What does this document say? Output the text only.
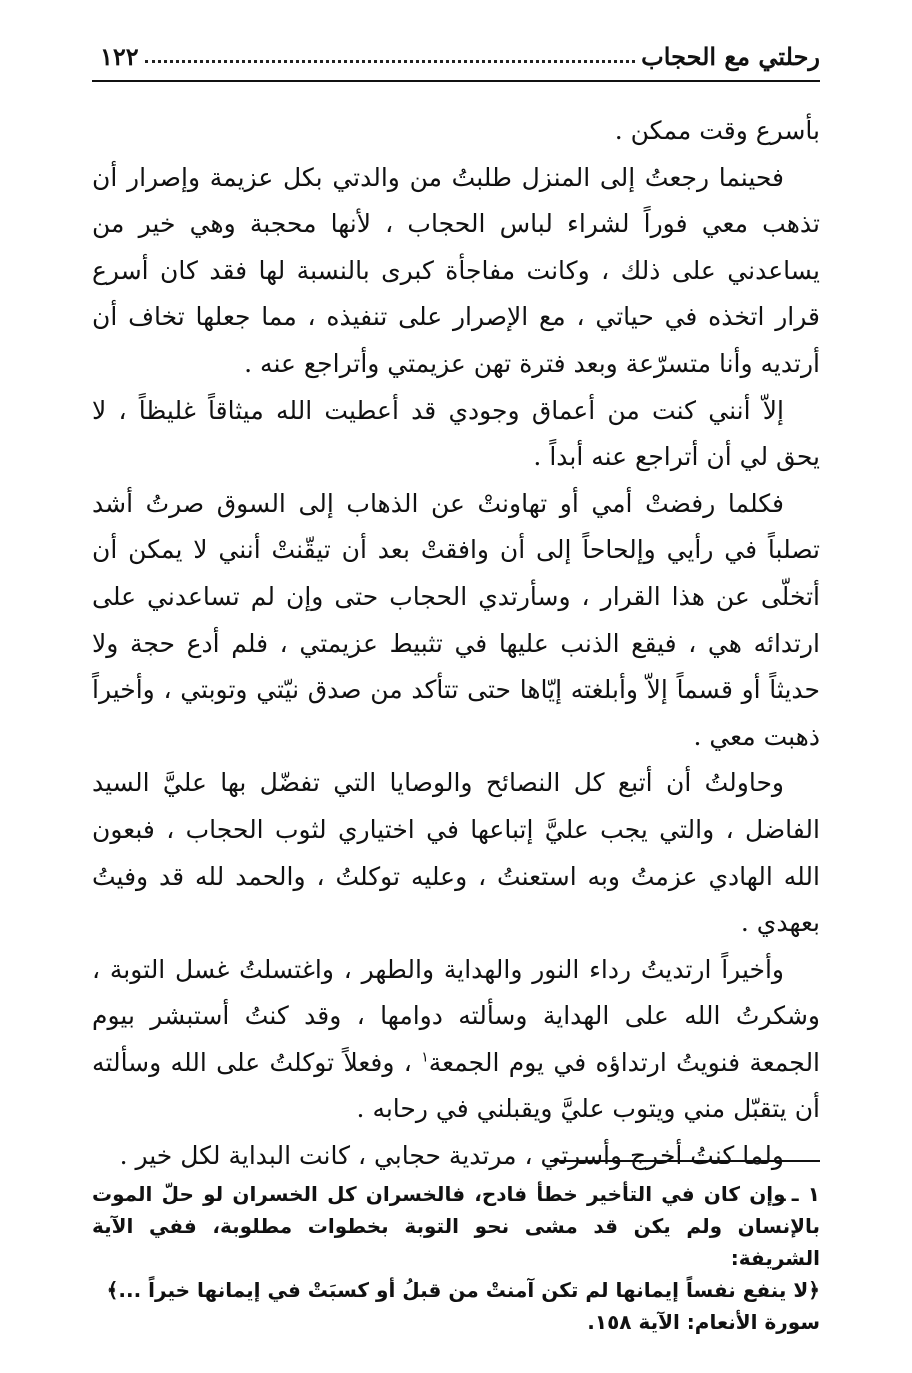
رحلتي مع الحجاب
١٢٢

بأسرع وقت ممكن .

فحينما رجعتُ إلى المنزل طلبتُ من والدتي بكل عزيمة وإصرار أن تذهب معي فوراً لشراء لباس الحجاب ، لأنها محجبة وهي خير من يساعدني على ذلك ، وكانت مفاجأة كبرى بالنسبة لها فقد كان أسرع قرار اتخذه في حياتي ، مع الإصرار على تنفيذه ، مما جعلها تخاف أن أرتديه وأنا متسرّعة وبعد فترة تهن عزيمتي وأتراجع عنه .

إلاّ أنني كنت من أعماق وجودي قد أعطيت الله ميثاقاً غليظاً ، لا يحق لي أن أتراجع عنه أبداً .

فكلما رفضتْ أمي أو تهاونتْ عن الذهاب إلى السوق صرتُ أشد تصلباً في رأيي وإلحاحاً إلى أن وافقتْ بعد أن تيقّنتْ أنني لا يمكن أن أتخلّى عن هذا القرار ، وسأرتدي الحجاب حتى وإن لم تساعدني على ارتدائه هي ، فيقع الذنب عليها في تثبيط عزيمتي ، فلم أدع حجة ولا حديثاً أو قسماً إلاّ وأبلغته إيّاها حتى تتأكد من صدق نيّتي وتوبتي ، وأخيراً ذهبت معي .

وحاولتُ أن أتبع كل النصائح والوصايا التي تفضّل بها عليَّ السيد الفاضل ، والتي يجب عليَّ إتباعها في اختياري لثوب الحجاب ، فبعون الله الهادي عزمتُ وبه استعنتُ ، وعليه توكلتُ ، والحمد لله قد وفيتُ بعهدي .

وأخيراً ارتديتُ رداء النور والهداية والطهر ، واغتسلتُ غسل التوبة ، وشكرتُ الله على الهداية وسألته دوامها ، وقد كنتُ أستبشر بيوم الجمعة فنويتُ ارتداؤه في يوم الجمعة$^١$ ، وفعلاً توكلتُ على الله وسألته أن يتقبّل مني ويتوب عليَّ ويقبلني في رحابه .

ولما كنتُ أخرج وأسرتي ، مرتدية حجابي ، كانت البداية لكل خير .

١ ـوإن كان في التأخير خطأ فادح، فالخسران كل الخسران لو حلّ الموت بالإنسان ولم يكن قد مشى نحو التوبة بخطوات مطلوبة، ففي الآية الشريفة:

﴿لا ينفع نفساً إيمانها لم تكن آمنتْ من قبلُ أو كسبَتْ في إيمانها خيراً ...﴾

سورة الأنعام: الآية ١٥٨.
